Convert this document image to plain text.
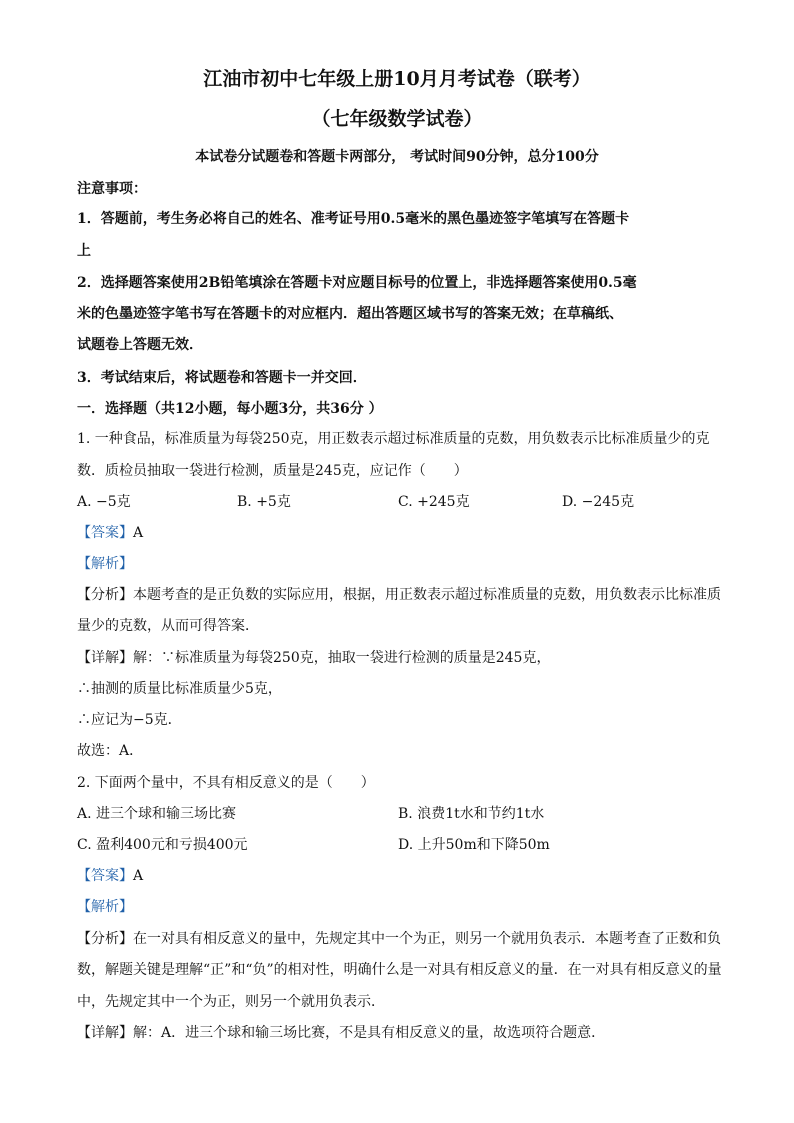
江油市初中七年级上册10月月考试卷（联考）
（七年级数学试卷）
本试卷分试题卷和答题卡两部分， 考试时间90分钟，总分100分
注意事项：
1．答题前，考生务必将自己的姓名、准考证号用0.5毫米的黑色墨迹签字笔填写在答题卡
上
2．选择题答案使用2B铅笔填涂在答题卡对应题目标号的位置上，非选择题答案使用0.5毫
米的色墨迹签字笔书写在答题卡的对应框内．超出答题区域书写的答案无效；在草稿纸、
试题卷上答题无效．
3．考试结束后，将试题卷和答题卡一并交回．
一．选择题（共12小题，每小题3分，共36分 ）
1. 一种食品，标准质量为每袋250克，用正数表示超过标准质量的克数，用负数表示比标准质量少的克
数．质检员抽取一袋进行检测，质量是245克，应记作（　　）
A. −5克	B. +5克	C. +245克	D. −245克
【答案】A
【解析】
【分析】本题考查的是正负数的实际应用，根据，用正数表示超过标准质量的克数，用负数表示比标准质
量少的克数，从而可得答案．
【详解】解：∵标准质量为每袋250克，抽取一袋进行检测的质量是245克，
∴抽测的质量比标准质量少5克，
∴应记为−5克．
故选：A．
2. 下面两个量中，不具有相反意义的是（　　）
A. 进三个球和输三场比赛	B. 浪费1t水和节约1t水
C. 盈利400元和亏损400元	D. 上升50m和下降50m
【答案】A
【解析】
【分析】在一对具有相反意义的量中，先规定其中一个为正，则另一个就用负表示．本题考查了正数和负
数，解题关键是理解“正”和“负”的相对性，明确什么是一对具有相反意义的量．在一对具有相反意义的量
中，先规定其中一个为正，则另一个就用负表示．
【详解】解：A．进三个球和输三场比赛，不是具有相反意义的量，故选项符合题意．
